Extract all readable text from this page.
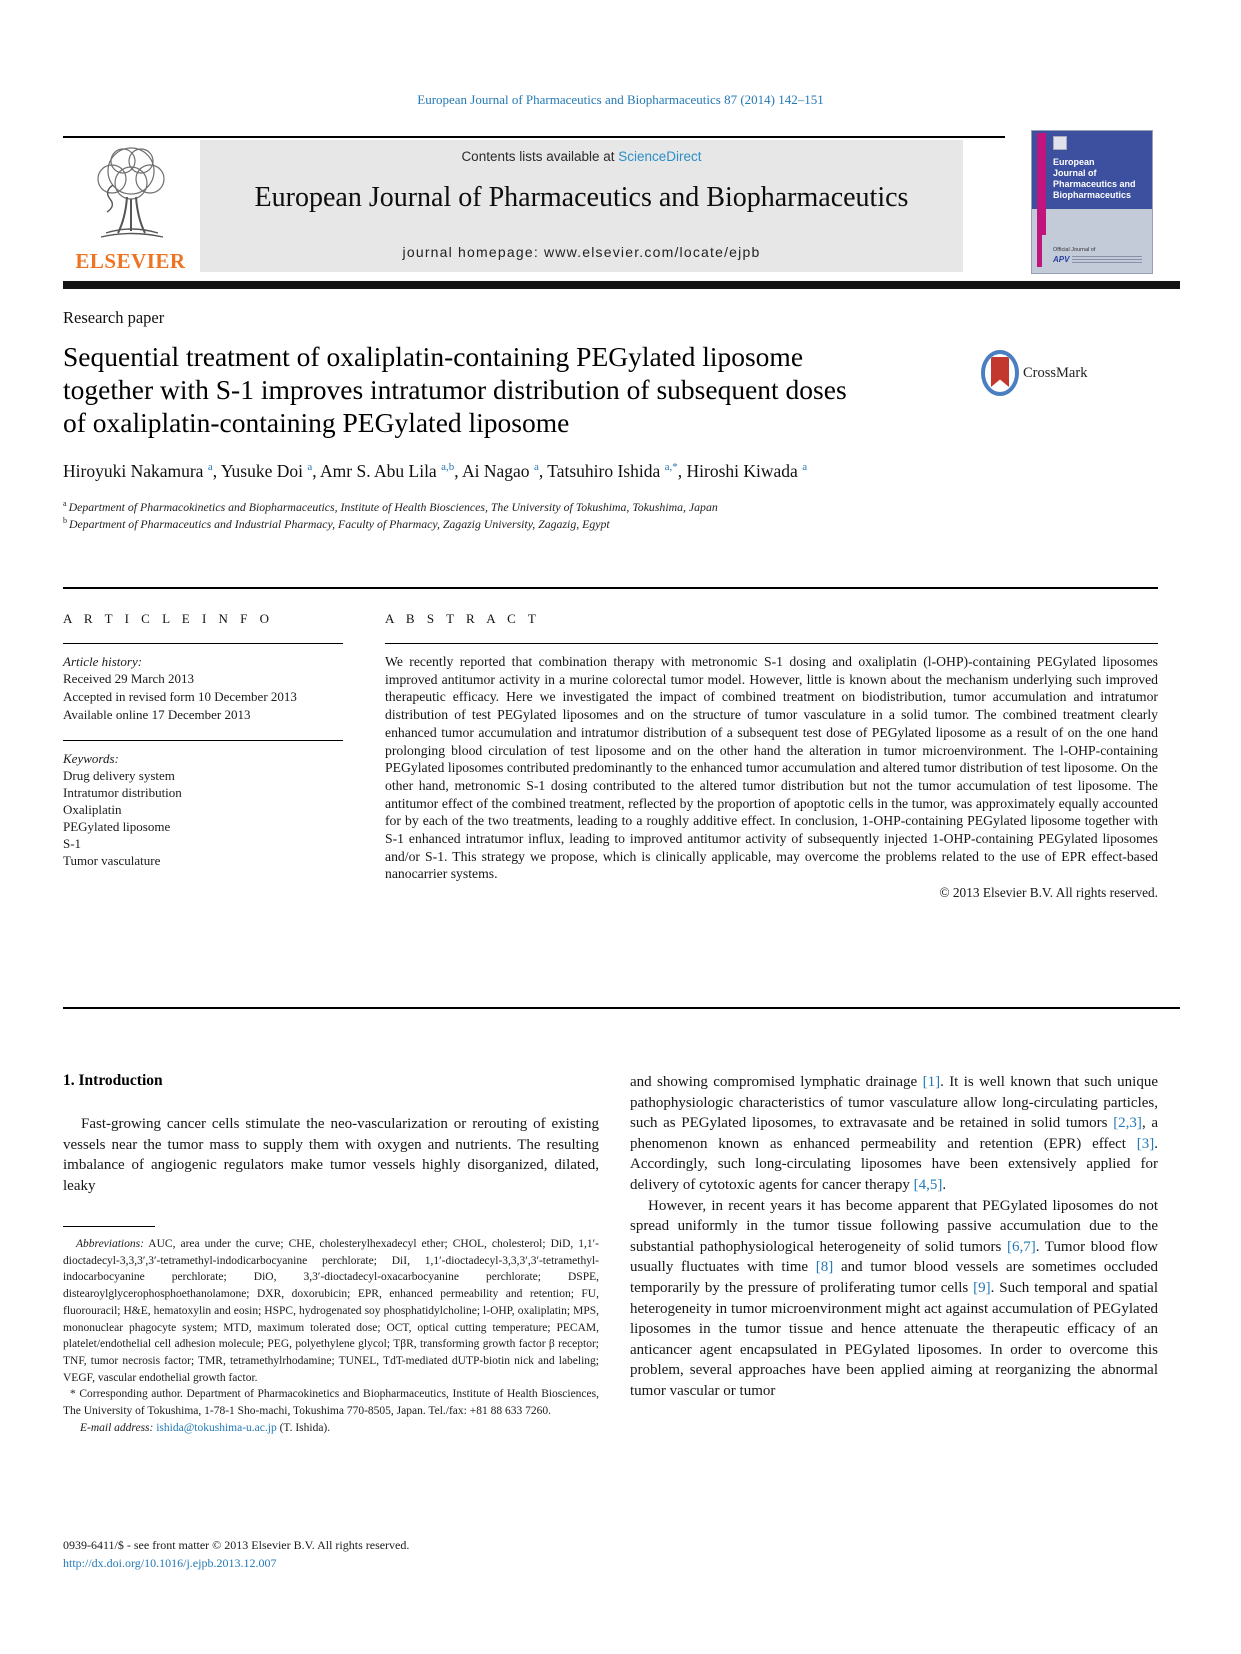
European Journal of Pharmaceutics and Biopharmaceutics 87 (2014) 142–151
ELSEVIER
Contents lists available at ScienceDirect
European Journal of Pharmaceutics and Biopharmaceutics
journal homepage: www.elsevier.com/locate/ejpb
European
Journal of
Pharmaceutics and
Biopharmaceutics
Official Journal of
APV
Research paper
Sequential treatment of oxaliplatin-containing PEGylated liposome
together with S-1 improves intratumor distribution of subsequent doses
of oxaliplatin-containing PEGylated liposome
CrossMark
Hiroyuki Nakamura $^a$, Yusuke Doi $^a$, Amr S. Abu Lila $^{a,b}$, Ai Nagao $^a$, Tatsuhiro Ishida $^{a,*}$, Hiroshi Kiwada $^a$
$^a$ Department of Pharmacokinetics and Biopharmaceutics, Institute of Health Biosciences, The University of Tokushima, Tokushima, Japan
$^b$ Department of Pharmaceutics and Industrial Pharmacy, Faculty of Pharmacy, Zagazig University, Zagazig, Egypt
A R T I C L E I N F O	A B S T R A C T
Article history:
Received 29 March 2013
Accepted in revised form 10 December 2013
Available online 17 December 2013
Keywords:
Drug delivery system
Intratumor distribution
Oxaliplatin
PEGylated liposome
S-1
Tumor vasculature

We recently reported that combination therapy with metronomic S-1 dosing and oxaliplatin (l-OHP)-containing PEGylated liposomes improved antitumor activity in a murine colorectal tumor model. However, little is known about the mechanism underlying such improved therapeutic efficacy. Here we investigated the impact of combined treatment on biodistribution, tumor accumulation and intratumor distribution of test PEGylated liposomes and on the structure of tumor vasculature in a solid tumor. The combined treatment clearly enhanced tumor accumulation and intratumor distribution of a subsequent test dose of PEGylated liposome as a result of on the one hand prolonging blood circulation of test liposome and on the other hand the alteration in tumor microenvironment. The l-OHP-containing PEGylated liposomes contributed predominantly to the enhanced tumor accumulation and altered tumor distribution of test liposome. On the other hand, metronomic S-1 dosing contributed to the altered tumor distribution but not the tumor accumulation of test liposome. The antitumor effect of the combined treatment, reflected by the proportion of apoptotic cells in the tumor, was approximately equally accounted for by each of the two treatments, leading to a roughly additive effect. In conclusion, 1-OHP-containing PEGylated liposome together with S-1 enhanced intratumor influx, leading to improved antitumor activity of subsequently injected 1-OHP-containing PEGylated liposomes and/or S-1. This strategy we propose, which is clinically applicable, may overcome the problems related to the use of EPR effect-based nanocarrier systems.

© 2013 Elsevier B.V. All rights reserved.
1. Introduction

Fast-growing cancer cells stimulate the neo-vascularization or rerouting of existing vessels near the tumor mass to supply them with oxygen and nutrients. The resulting imbalance of angiogenic regulators make tumor vessels highly disorganized, dilated, leaky

Abbreviations: AUC, area under the curve; CHE, cholesterylhexadecyl ether; CHOL, cholesterol; DiD, 1,1′-dioctadecyl-3,3,3′,3′-tetramethyl-indodicarbocyanine perchlorate; DiI, 1,1′-dioctadecyl-3,3,3′,3′-tetramethyl-indocarbocyanine perchlorate; DiO, 3,3′-dioctadecyl-oxacarbocyanine perchlorate; DSPE, distearoylglycerophosphoethanolamone; DXR, doxorubicin; EPR, enhanced permeability and retention; FU, fluorouracil; H&E, hematoxylin and eosin; HSPC, hydrogenated soy phosphatidylcholine; l-OHP, oxaliplatin; MPS, mononuclear phagocyte system; MTD, maximum tolerated dose; OCT, optical cutting temperature; PECAM, platelet/endothelial cell adhesion molecule; PEG, polyethylene glycol; TβR, transforming growth factor β receptor; TNF, tumor necrosis factor; TMR, tetramethylrhodamine; TUNEL, TdT-mediated dUTP-biotin nick and labeling; VEGF, vascular endothelial growth factor.

* Corresponding author. Department of Pharmacokinetics and Biopharmaceutics, Institute of Health Biosciences, The University of Tokushima, 1-78-1 Sho-machi, Tokushima 770-8505, Japan. Tel./fax: +81 88 633 7260.

E-mail address: ishida@tokushima-u.ac.jp (T. Ishida).

0939-6411/$ - see front matter © 2013 Elsevier B.V. All rights reserved.
http://dx.doi.org/10.1016/j.ejpb.2013.12.007

and showing compromised lymphatic drainage [1]. It is well known that such unique pathophysiologic characteristics of tumor vasculature allow long-circulating particles, such as PEGylated liposomes, to extravasate and be retained in solid tumors [2,3], a phenomenon known as enhanced permeability and retention (EPR) effect [3]. Accordingly, such long-circulating liposomes have been extensively applied for delivery of cytotoxic agents for cancer therapy [4,5].

However, in recent years it has become apparent that PEGylated liposomes do not spread uniformly in the tumor tissue following passive accumulation due to the substantial pathophysiological heterogeneity of solid tumors [6,7]. Tumor blood flow usually fluctuates with time [8] and tumor blood vessels are sometimes occluded temporarily by the pressure of proliferating tumor cells [9]. Such temporal and spatial heterogeneity in tumor microenvironment might act against accumulation of PEGylated liposomes in the tumor tissue and hence attenuate the therapeutic efficacy of an anticancer agent encapsulated in PEGylated liposomes. In order to overcome this problem, several approaches have been applied aiming at reorganizing the abnormal tumor vascular or tumor
